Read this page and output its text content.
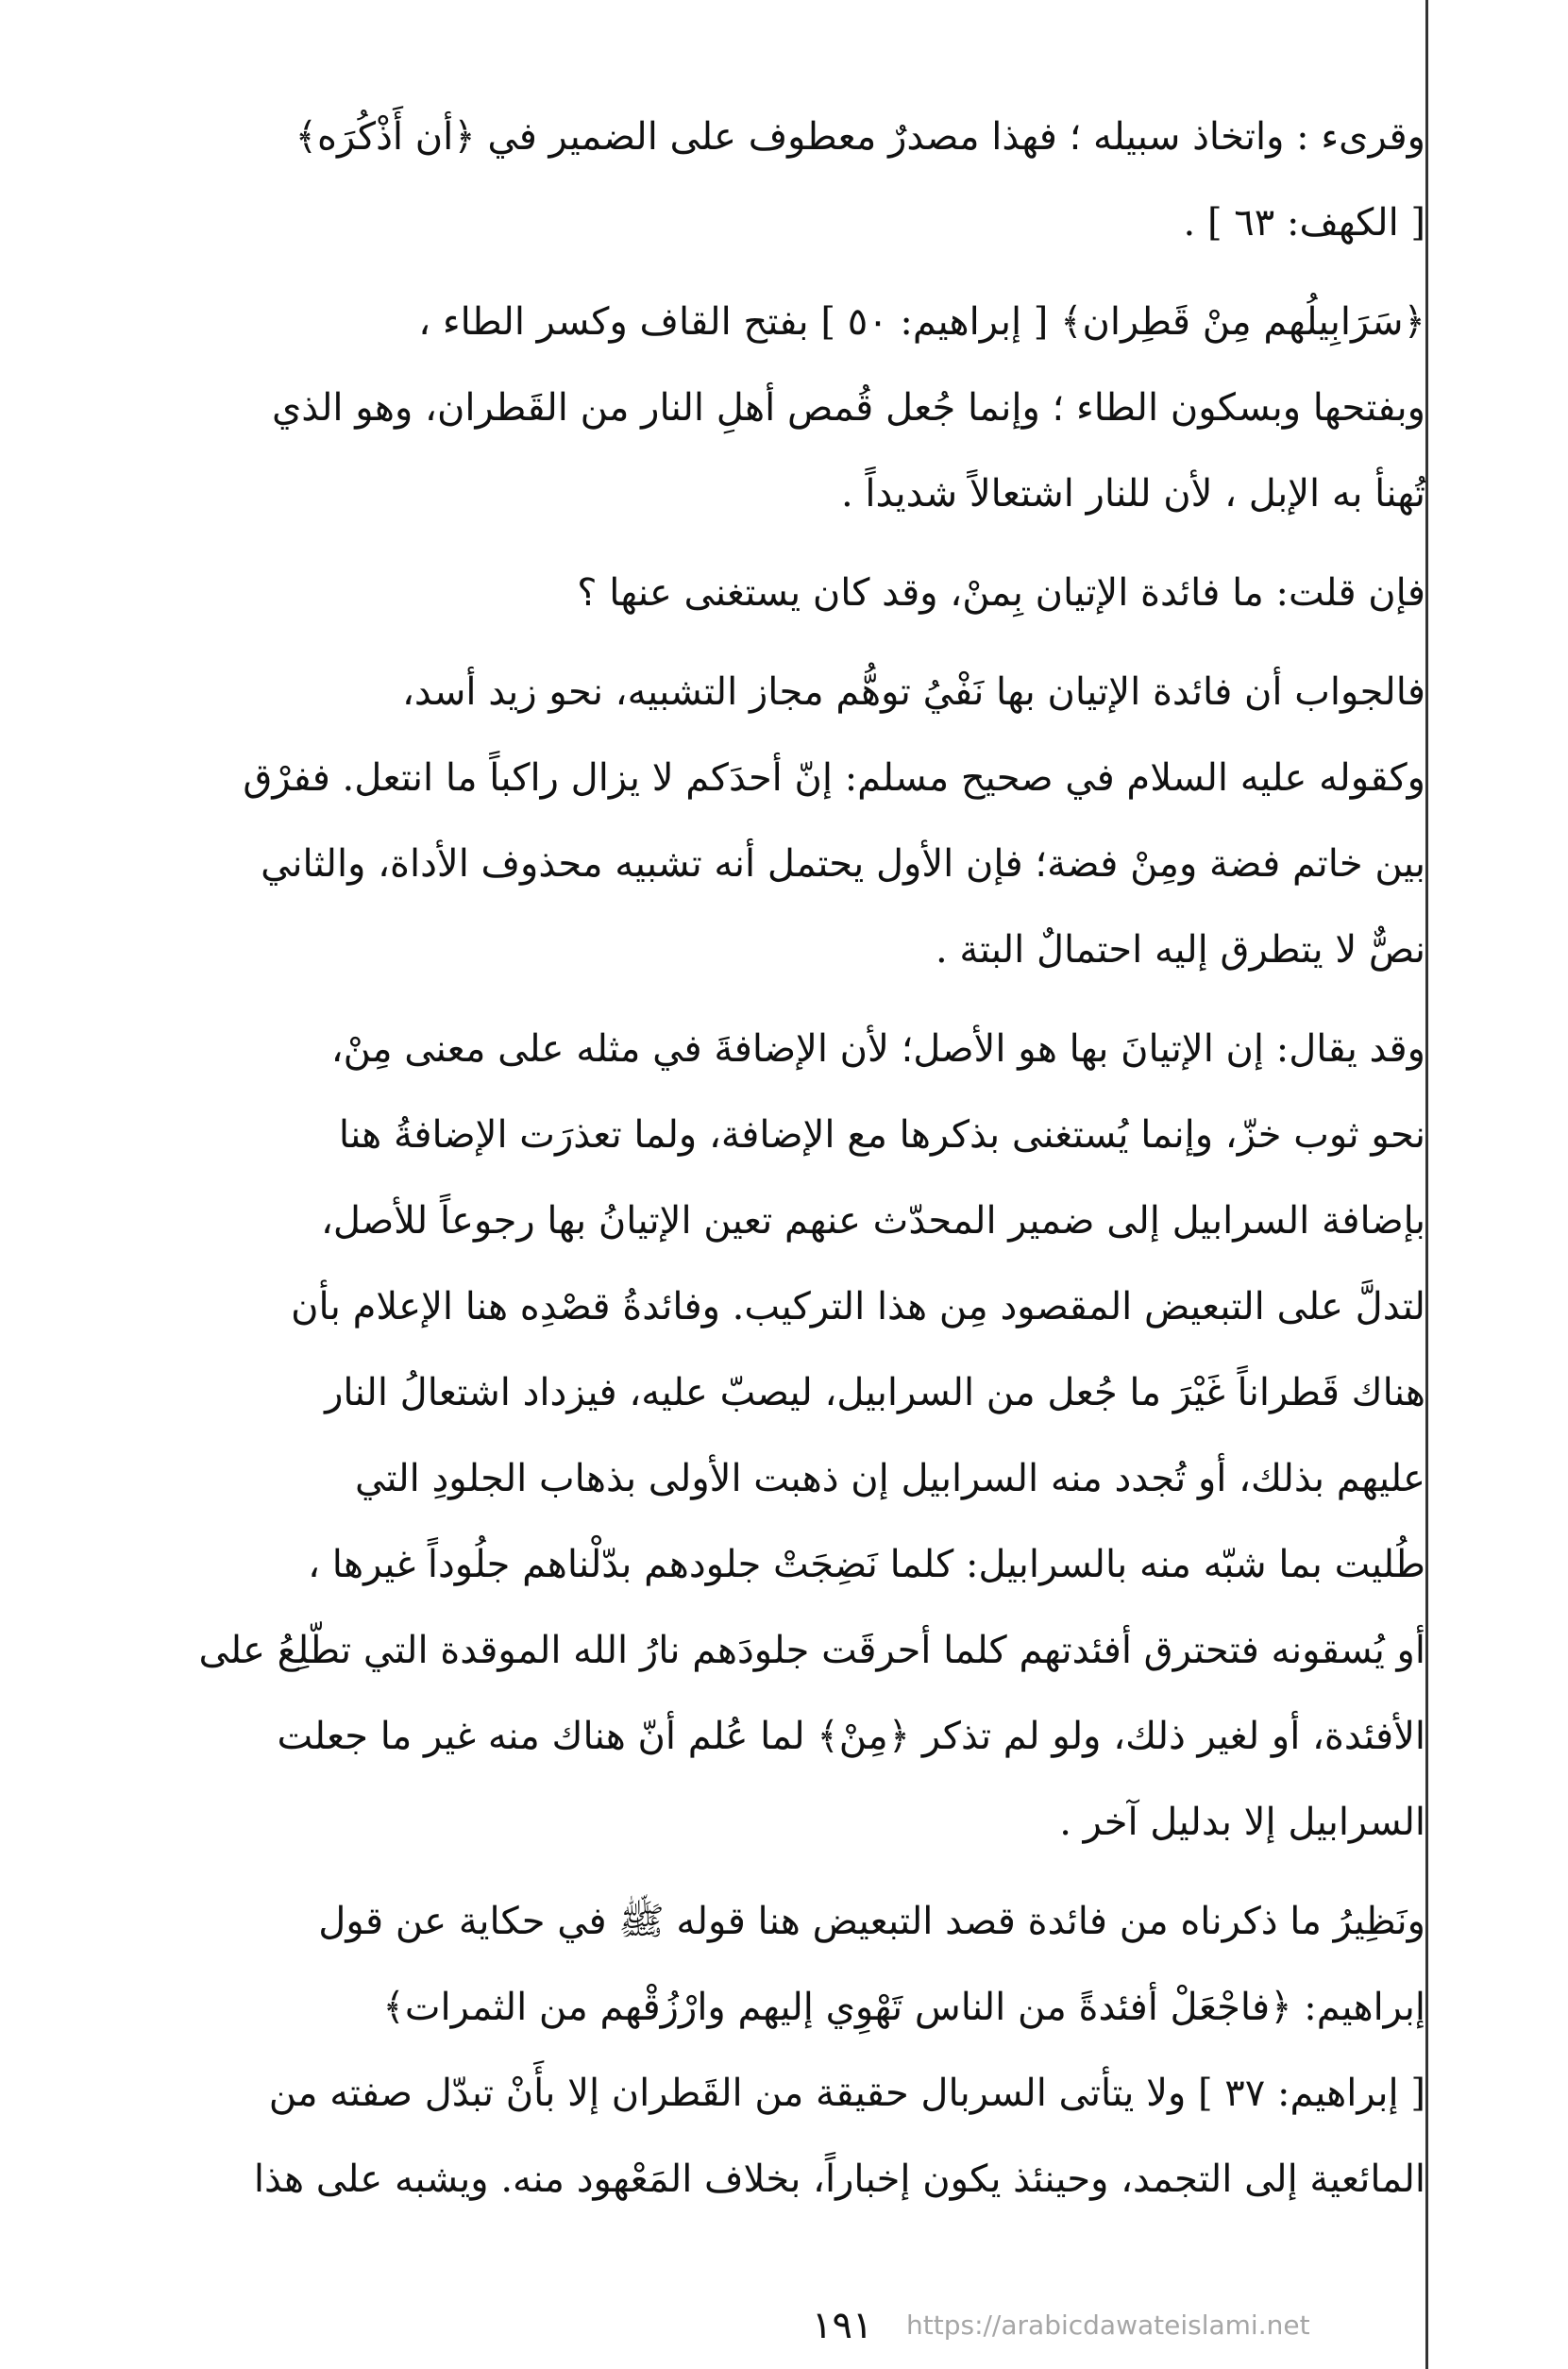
وقرىء : واتخاذ سبيله ؛ فهذا مصدرٌ معطوف على الضمير في ﴿أن أَذْكُرَه﴾
[ الكهف: ٦٣ ] .
﴿سَرَابِيلُهم مِنْ قَطِران﴾ [ إبراهيم: ٥٠ ] بفتح القاف وكسر الطاء ،
وبفتحها وبسكون الطاء ؛ وإنما جُعل قُمص أهلِ النار من القَطران، وهو الذي
تُهنأ به الإبل ، لأن للنار اشتعالاً شديداً .
فإن قلت: ما فائدة الإتيان بِمنْ، وقد كان يستغنى عنها ؟
فالجواب أن فائدة الإتيان بها نَفْيُ توهُّم مجاز التشبيه، نحو زيد أسد،
وكقوله عليه السلام في صحيح مسلم: إنّ أحدَكم لا يزال راكباً ما انتعل. ففرْق
بين خاتم فضة ومِنْ فضة؛ فإن الأول يحتمل أنه تشبيه محذوف الأداة، والثاني
نصٌّ لا يتطرق إليه احتمالٌ البتة .
وقد يقال: إن الإتيانَ بها هو الأصل؛ لأن الإضافةَ في مثله على معنى مِنْ،
نحو ثوب خزّ، وإنما يُستغنى بذكرها مع الإضافة، ولما تعذرَت الإضافةُ هنا
بإضافة السرابيل إلى ضمير المحدّث عنهم تعين الإتيانُ بها رجوعاً للأصل،
لتدلَّ على التبعيض المقصود مِن هذا التركيب. وفائدةُ قصْدِه هنا الإعلام بأن
هناك قَطراناً غَيْرَ ما جُعل من السرابيل، ليصبّ عليه، فيزداد اشتعالُ النار
عليهم بذلك، أو تُجدد منه السرابيل إن ذهبت الأولى بذهاب الجلودِ التي
طُليت بما شبّه منه بالسرابيل: كلما نَضِجَتْ جلودهم بدّلْناهم جلُوداً غيرها ،
أو يُسقونه فتحترق أفئدتهم كلما أحرقَت جلودَهم نارُ الله الموقدة التي تطّلِعُ على
الأفئدة، أو لغير ذلك، ولو لم تذكر ﴿مِنْ﴾ لما عُلم أنّ هناك منه غير ما جعلت
السرابيل إلا بدليل آخر .
ونَظِيرُ ما ذكرناه من فائدة قصد التبعيض هنا قوله ﷺ في حكاية عن قول
إبراهيم: ﴿فاجْعَلْ أفئدةً من الناس تَهْوِي إليهم وارْزُقْهم من الثمرات﴾
[ إبراهيم: ٣٧ ] ولا يتأتى السربال حقيقة من القَطران إلا بأَنْ تبدّل صفته من
المائعية إلى التجمد، وحينئذ يكون إخباراً، بخلاف المَعْهود منه. ويشبه على هذا
١٩١ https://arabicdawateislami.net
